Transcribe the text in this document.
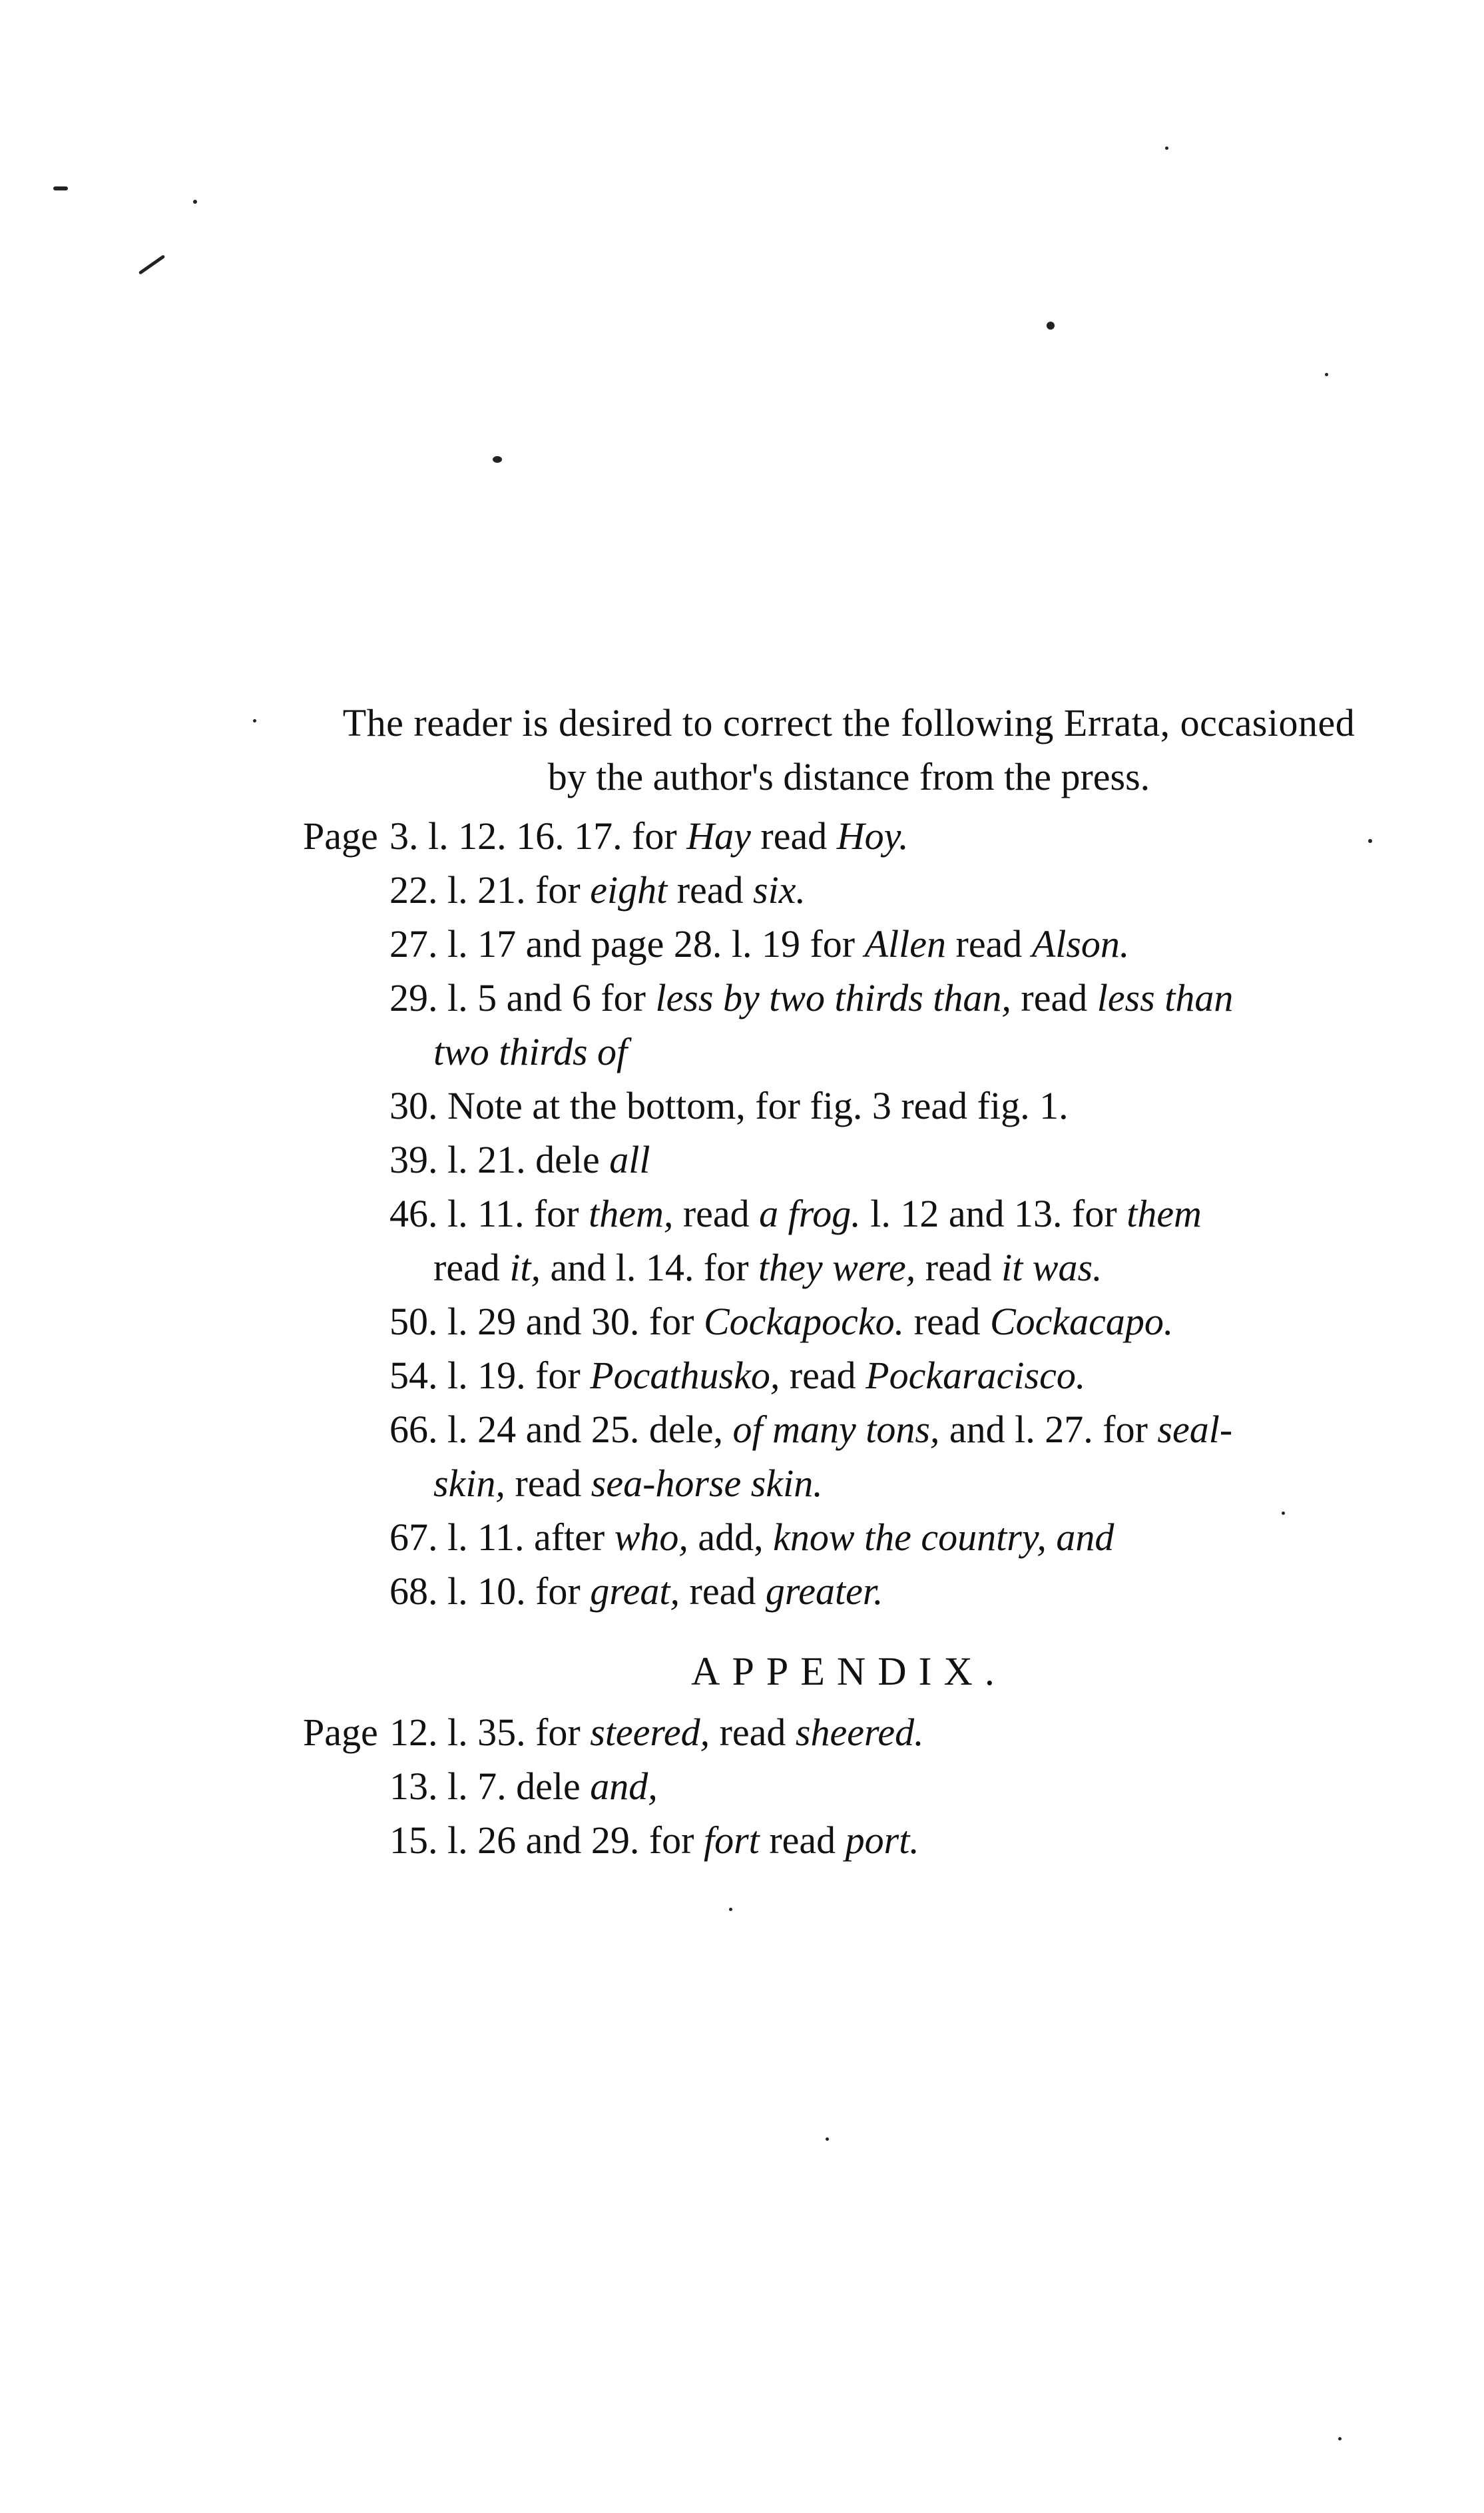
The reader is desired to correct the following Errata, occasioned
by the author's distance from the press.
Page 3. l. 12. 16. 17. for Hay read Hoy.
22. l. 21. for eight read six.
27. l. 17 and page 28. l. 19 for Allen read Alson.
29. l. 5 and 6 for less by two thirds than, read less than
two thirds of
30. Note at the bottom, for fig. 3 read fig. 1.
39. l. 21. dele all
46. l. 11. for them, read a frog. l. 12 and 13. for them
read it, and l. 14. for they were, read it was.
50. l. 29 and 30. for Cockapocko. read Cockacapo.
54. l. 19. for Pocathusko, read Pockaracisco.
66. l. 24 and 25. dele, of many tons, and l. 27. for seal-
skin, read sea-horse skin.
67. l. 11. after who, add, know the country, and
68. l. 10. for great, read greater.
APPENDIX.
Page 12. l. 35. for steered, read sheered.
13. l. 7. dele and,
15. l. 26 and 29. for fort read port.
